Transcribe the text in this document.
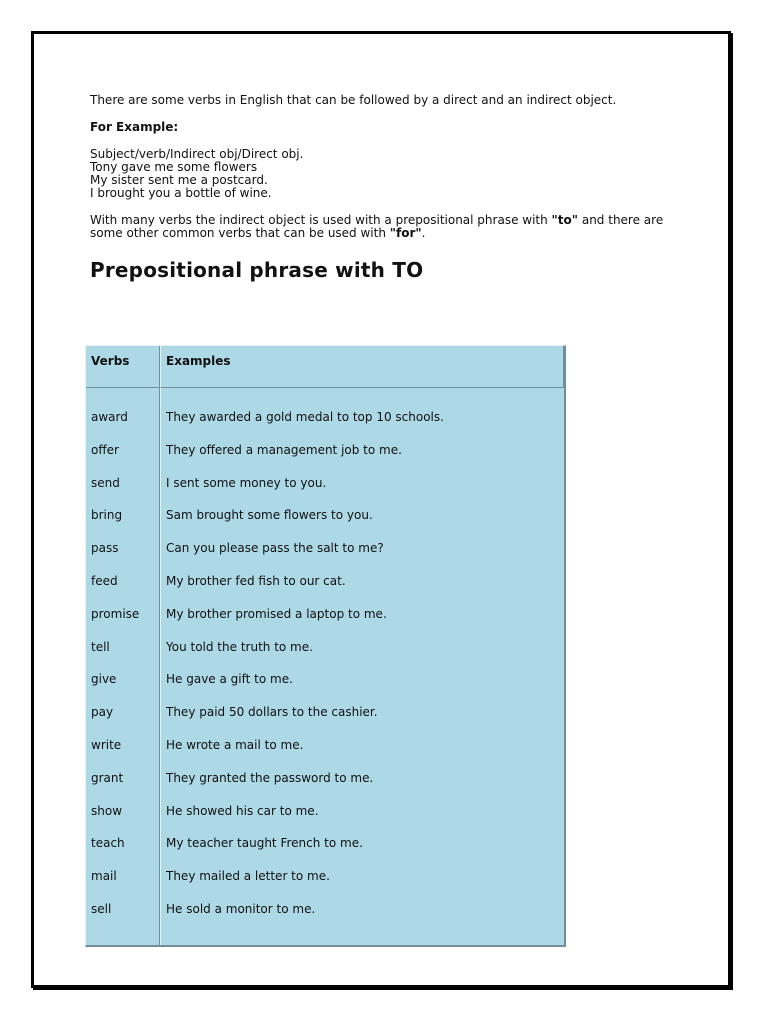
There are some verbs in English that can be followed by a direct and an indirect object.

For Example:

Subject/verb/Indirect obj/Direct obj.
Tony gave me some flowers
My sister sent me a postcard.
I brought you a bottle of wine.

With many verbs the indirect object is used with a prepositional phrase with "to" and there are some other common verbs that can be used with "for".

Prepositional phrase with TO
Verbs	Examples

award	They awarded a gold medal to top 10 schools.
offer	They offered a management job to me.
send	I sent some money to you.
bring	Sam brought some flowers to you.
pass	Can you please pass the salt to me?
feed	My brother fed fish to our cat.
promise	My brother promised a laptop to me.
tell	You told the truth to me.
give	He gave a gift to me.
pay	They paid 50 dollars to the cashier.
write	He wrote a mail to me.
grant	They granted the password to me.
show	He showed his car to me.
teach	My teacher taught French to me.
mail	They mailed a letter to me.
sell	He sold a monitor to me.
